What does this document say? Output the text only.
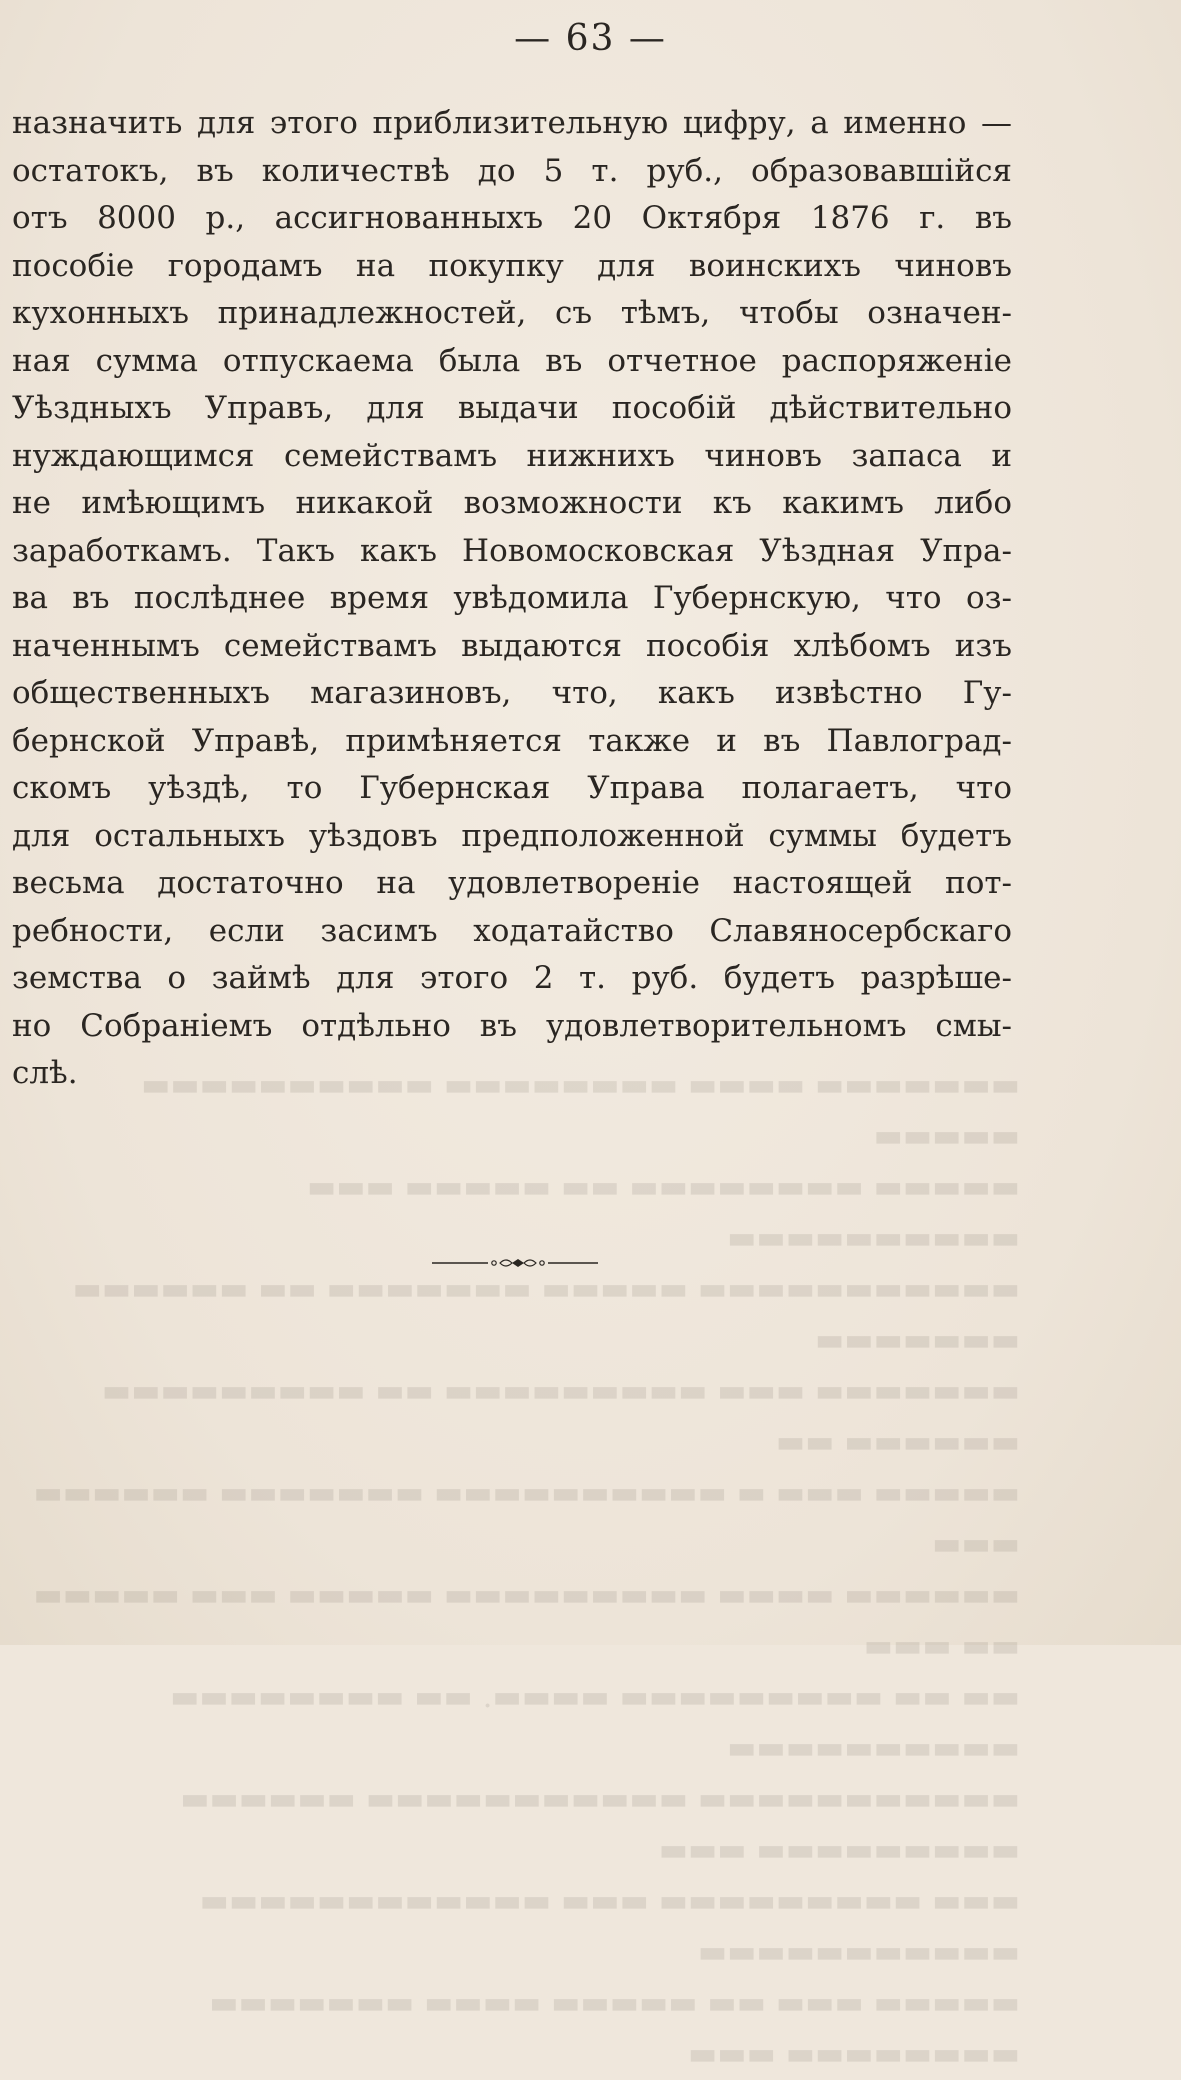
— 63 —
назначить для этого приблизительную цифру, а именно —
остатокъ, въ количествѣ до 5 т. руб., образовавшійся
отъ 8000 р., ассигнованныхъ 20 Октября 1876 г. въ
пособіе городамъ на покупку для воинскихъ чиновъ
кухонныхъ принадлежностей, съ тѣмъ, чтобы означен-
ная сумма отпускаема была въ отчетное распоряженіе
Уѣздныхъ Управъ, для выдачи пособій дѣйствительно
нуждающимся семействамъ нижнихъ чиновъ запаса и
не имѣющимъ никакой возможности къ какимъ либо
заработкамъ. Такъ какъ Новомосковская Уѣздная Упра-
ва въ послѣднее время увѣдомила Губернскую, что оз-
наченнымъ семействамъ выдаются пособія хлѣбомъ изъ
общественныхъ магазиновъ, что, какъ извѣстно Гу-
бернской Управѣ, примѣняется также и въ Павлоград-
скомъ уѣздѣ, то Губернская Управа полагаетъ, что
для остальныхъ уѣздовъ предположенной суммы будетъ
весьма достаточно на удовлетвореніе настоящей пот-
ребности, если засимъ ходатайство Славяносербскаго
земства о займѣ для этого 2 т. руб. будетъ разрѣше-
но Собраніемъ отдѣльно въ удовлетворительномъ смы-
слѣ.	▬▬▬▬▬▬▬ ▬▬▬▬ ▬▬▬▬▬▬▬▬ ▬▬▬▬▬▬▬▬▬▬ ▬▬▬▬▬
▬▬▬▬▬ ▬▬▬▬▬▬▬▬ ▬▬ ▬▬▬▬▬ ▬▬▬ ▬▬▬▬▬▬▬▬▬▬
▬▬▬▬▬▬▬▬▬▬▬ ▬▬▬▬▬ ▬▬▬▬▬▬▬ ▬▬ ▬▬▬▬▬▬ ▬▬▬▬▬▬▬
▬▬▬▬▬▬▬ ▬▬▬ ▬▬▬▬▬▬▬▬▬ ▬▬ ▬▬▬▬▬▬▬▬▬ ▬▬▬▬▬▬ ▬▬
▬▬▬▬▬ ▬▬▬ ▬ ▬▬▬▬▬▬▬▬▬▬ ▬▬▬▬▬▬▬ ▬▬▬▬▬▬ ▬▬▬
▬▬▬▬▬▬ ▬▬▬▬ ▬▬▬▬▬▬▬▬▬ ▬▬▬▬▬ ▬▬▬ ▬▬▬▬▬ ▬▬ ▬▬▬
▬▬ ▬▬ ▬▬▬▬▬▬▬▬▬ ▬▬▬▬. ▬▬ ▬▬▬▬▬▬▬▬ ▬▬▬▬▬▬▬▬▬▬
▬▬▬▬▬▬▬▬▬▬▬ ▬▬▬▬▬▬▬▬▬▬▬ ▬▬▬▬▬▬ ▬▬▬▬▬▬▬▬▬ ▬▬▬
▬▬▬ ▬▬▬▬▬▬▬▬▬ ▬▬▬ ▬▬▬▬▬▬▬▬▬▬▬▬ ▬▬▬▬▬▬▬▬▬▬▬
▬▬▬▬▬ ▬▬▬ ▬▬ ▬▬▬▬▬ ▬▬▬▬ ▬▬▬▬▬▬▬ ▬▬▬▬▬▬▬▬ ▬▬▬
